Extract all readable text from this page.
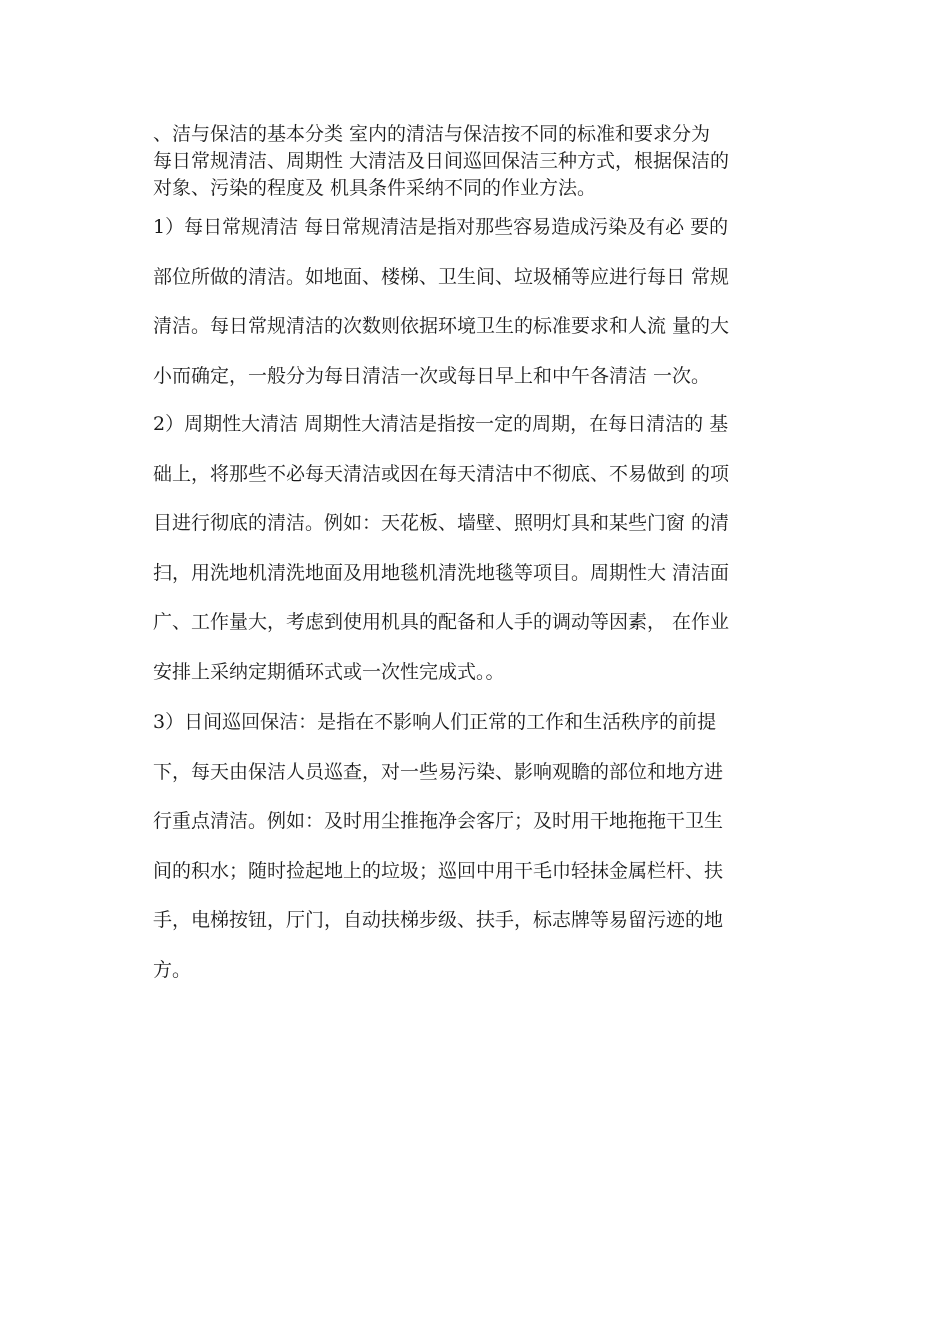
、洁与保洁的基本分类 室内的清洁与保洁按不同的标准和要求分为
每日常规清洁、周期性 大清洁及日间巡回保洁三种方式，根据保洁的
对象、污染的程度及 机具条件采纳不同的作业方法。
1）每日常规清洁 每日常规清洁是指对那些容易造成污染及有必 要的
部位所做的清洁。如地面、楼梯、卫生间、垃圾桶等应进行每日 常规
清洁。每日常规清洁的次数则依据环境卫生的标准要求和人流 量的大
小而确定，一般分为每日清洁一次或每日早上和中午各清洁 一次。
2）周期性大清洁 周期性大清洁是指按一定的周期，在每日清洁的 基
础上，将那些不必每天清洁或因在每天清洁中不彻底、不易做到 的项
目进行彻底的清洁。例如：天花板、墙壁、照明灯具和某些门窗 的清
扫，用洗地机清洗地面及用地毯机清洗地毯等项目。周期性大 清洁面
广、工作量大，考虑到使用机具的配备和人手的调动等因素， 在作业
安排上采纳定期循环式或一次性完成式。。
3）日间巡回保洁：是指在不影响人们正常的工作和生活秩序的前提
下，每天由保洁人员巡查，对一些易污染、影响观瞻的部位和地方进
行重点清洁。例如：及时用尘推拖净会客厅；及时用干地拖拖干卫生
间的积水；随时捡起地上的垃圾；巡回中用干毛巾轻抹金属栏杆、扶
手，电梯按钮，厅门，自动扶梯步级、扶手，标志牌等易留污迹的地
方。
